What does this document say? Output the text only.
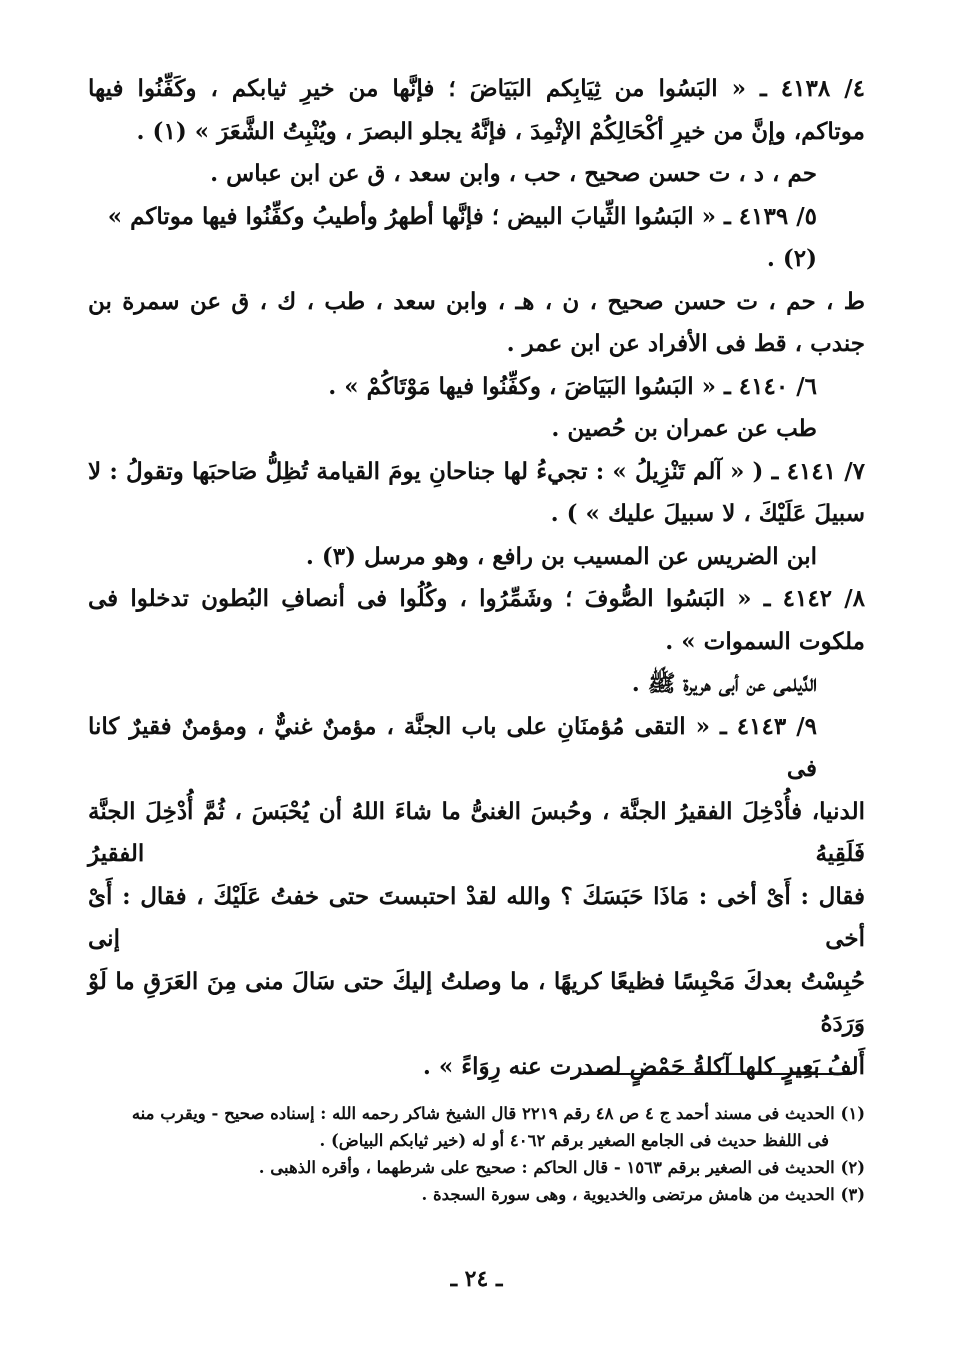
٤/ ٤١٣٨ ـ « البَسُوا من ثِيَابِكم البَيَاضَ ؛ فإنَّها من خيرِ ثيابكم ، وكَفِّنُوا فيها

موتاكم، وإنَّ من خيرِ أكْحَالِكُمْ الإثْمِدَ ، فإنَّهُ يجلو البصرَ ، ويُنْبِتُ الشَّعَرَ » (١) .

حم ، د ، ت حسن صحيح ، حب ، وابن سعد ، ق عن ابن عباس .

٥/ ٤١٣٩ ـ « البَسُوا الثِّيابَ البيض ؛ فإنَّها أطهرُ وأطيبُ وكفِّنُوا فيها موتاكم » (٢) .

ط ، حم ، ت حسن صحيح ، ن ، هـ ، وابن سعد ، طب ، ك ، ق عن سمرة بن

جندب ، قط فى الأفراد عن ابن عمر .

٦/ ٤١٤٠ ـ « البَسُوا البَيَاضَ ، وكفِّنُوا فيها مَوْتَاكُمْ » .

طب عن عمران بن حُصين .

٧/ ٤١٤١ ـ ( « آلم تَنْزِيلُ » : تجيءُ لها جناحانِ يومَ القيامة تُظِلُّ صَاحبَها وتقولُ : لا

سبيلَ عَلَيْكَ ، لا سبيلَ عليك » ) .

ابن الضريس عن المسيب بن رافع ، وهو مرسل (٣) .

٨/ ٤١٤٢ ـ « البَسُوا الصُّوفَ ؛ وشَمِّرُوا ، وكُلُوا فى أنصافِ البُطون تدخلوا فى

ملكوت السموات » .

الدَّيلمى عن أبى هريرة ﷺ .

٩/ ٤١٤٣ ـ « التقى مُؤمنَانِ على باب الجنَّة ، مؤمنٌ غنيٌّ ، ومؤمنٌ فقيرٌ كانا فى

الدنيا، فأُدْخِلَ الفقيرُ الجنَّة ، وحُبسَ الغنىُّ ما شاءَ اللهُ أن يُحْبَسَ ، ثُمَّ أُدْخِلَ الجنَّة فَلَقِيهُ الفقيرُ

فقال : أَىْ أخى : مَاذَا حَبَسَكَ ؟ والله لقدْ احتبستَ حتى خفتُ عَلَيْكَ ، فقال : أَىْ أخى إنى

حُبِسْتُ بعدكَ مَحْبِسًا فظيعًا كريهًا ، ما وصلتُ إليكَ حتى سَالَ منى مِنَ العَرَقِ ما لَوْ وَرَدَهُ

أَلفُ بَعِيرٍ كلها آكلةُ حَمْضٍ لصدرت عنه رِوَاءً » .

(١) الحديث فى مسند أحمد ج ٤ ص ٤٨ رقم ٢٢١٩ قال الشيخ شاكر رحمه الله : إسناده صحيح - ويقرب منه

فى اللفظ حديث فى الجامع الصغير برقم ٤٠٦٢ أو له (خير ثيابكم البياض) .

(٢) الحديث فى الصغير برقم ١٥٦٣ - قال الحاكم : صحيح على شرطهما ، وأقره الذهبى .

(٣) الحديث من هامش مرتضى والخديوية ، وهى سورة السجدة .

ـ ٢٤ ـ
